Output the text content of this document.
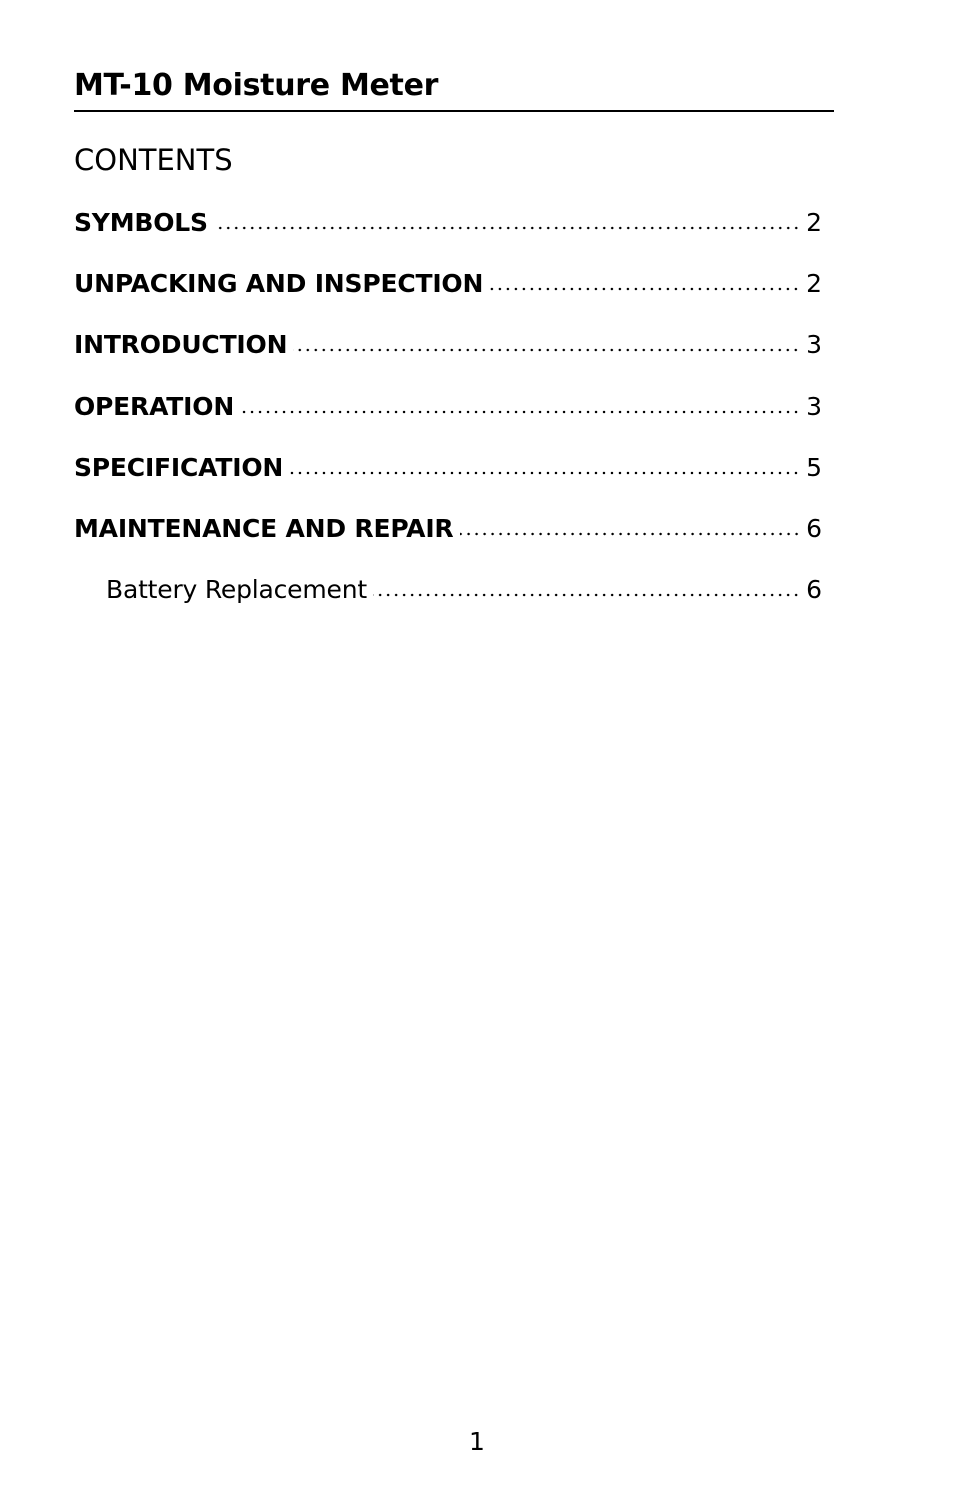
MT-10 Moisture Meter
CONTENTS
SYMBOLS	2
UNPACKING AND INSPECTION	2
INTRODUCTION	3
OPERATION	3
SPECIFICATION	5
MAINTENANCE AND REPAIR	6
Battery Replacement	6
1
